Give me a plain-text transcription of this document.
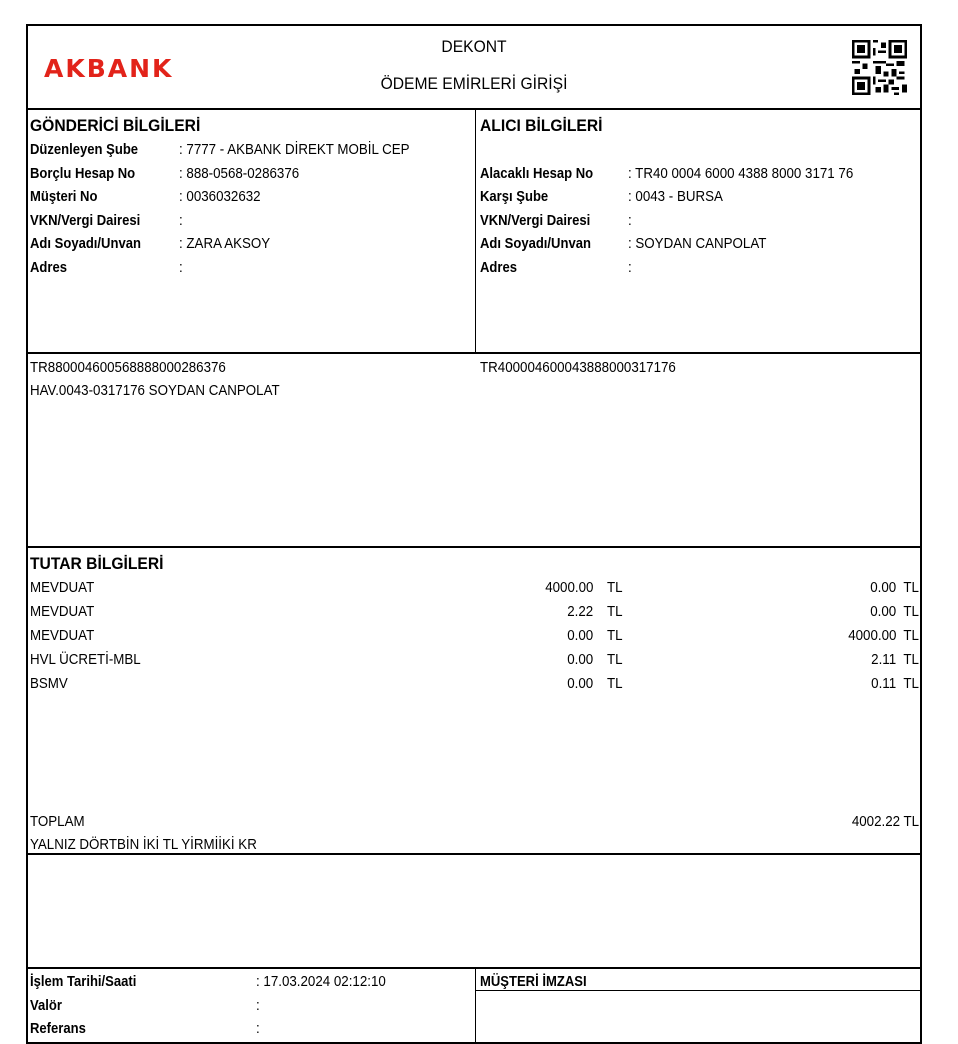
AKBANK
DEKONT
ÖDEME EMİRLERİ GİRİŞİ
GÖNDERİCİ BİLGİLERİ
Düzenleyen Şube	: 7777 - AKBANK DİREKT MOBİL CEP
Borçlu Hesap No	: 888-0568-0286376
Müşteri No	: 0036032632
VKN/Vergi Dairesi	:
Adı Soyadı/Unvan	: ZARA AKSOY
Adres	:
ALICI BİLGİLERİ
Alacaklı Hesap No : TR40 0004 6000 4388 8000 3171 76
Karşı Şube	: 0043 - BURSA
VKN/Vergi Dairesi	:
Adı Soyadı/Unvan	: SOYDAN CANPOLAT
Adres	:
TR880004600568888000286376
HAV.0043-0317176 SOYDAN CANPOLAT
TR400004600043888000317176
TUTAR BİLGİLERİ
MEVDUAT	4000.00 TL	0.00 TL
MEVDUAT	2.22 TL	0.00 TL
MEVDUAT	0.00 TL	4000.00 TL
HVL ÜCRETİ-MBL	0.00 TL	2.11 TL
BSMV	0.00 TL	0.11 TL
TOPLAM	4002.22 TL
YALNIZ DÖRTBİN İKİ TL YİRMİİKİ KR
İşlem Tarihi/Saati	: 17.03.2024 02:12:10
Valör	:
Referans	:
MÜŞTERİ İMZASI
